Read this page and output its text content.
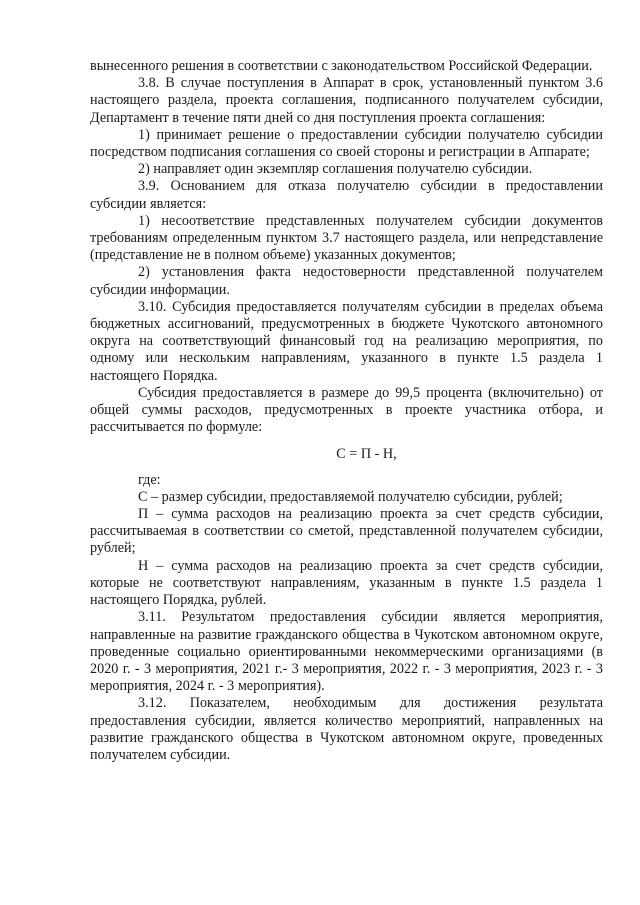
вынесенного решения в соответствии с законодательством Российской Федерации.

3.8. В случае поступления в Аппарат в срок, установленный пунктом 3.6 настоящего раздела, проекта соглашения, подписанного получателем субсидии, Департамент в течение пяти дней со дня поступления проекта соглашения:

1) принимает решение о предоставлении субсидии получателю субсидии посредством подписания соглашения со своей стороны и регистрации в Аппарате;

2) направляет один экземпляр соглашения получателю субсидии.

3.9. Основанием для отказа получателю субсидии в предоставлении субсидии является:

1) несоответствие представленных получателем субсидии документов требованиям определенным пунктом 3.7 настоящего раздела, или непредставление (представление не в полном объеме) указанных документов;

2) установления факта недостоверности представленной получателем субсидии информации.

3.10. Субсидия предоставляется получателям субсидии в пределах объема бюджетных ассигнований, предусмотренных в бюджете Чукотского автономного округа на соответствующий финансовый год на реализацию мероприятия, по одному или нескольким направлениям, указанного в пункте 1.5 раздела 1 настоящего Порядка.

Субсидия предоставляется в размере до 99,5 процента (включительно) от общей суммы расходов, предусмотренных в проекте участника отбора, и рассчитывается по формуле:

С = П - Н,

где:

С – размер субсидии, предоставляемой получателю субсидии, рублей;

П – сумма расходов на реализацию проекта за счет средств субсидии, рассчитываемая в соответствии со сметой, представленной получателем субсидии, рублей;

Н – сумма расходов на реализацию проекта за счет средств субсидии, которые не соответствуют направлениям, указанным в пункте 1.5 раздела 1 настоящего Порядка, рублей.

3.11. Результатом предоставления субсидии является мероприятия, направленные на развитие гражданского общества в Чукотском автономном округе, проведенные социально ориентированными некоммерческими организациями (в 2020 г. - 3 мероприятия, 2021 г.- 3 мероприятия, 2022 г. - 3 мероприятия, 2023 г. - 3 мероприятия, 2024 г. - 3 мероприятия).

3.12. Показателем, необходимым для достижения результата предоставления субсидии, является количество мероприятий, направленных на развитие гражданского общества в Чукотском автономном округе, проведенных получателем субсидии.
